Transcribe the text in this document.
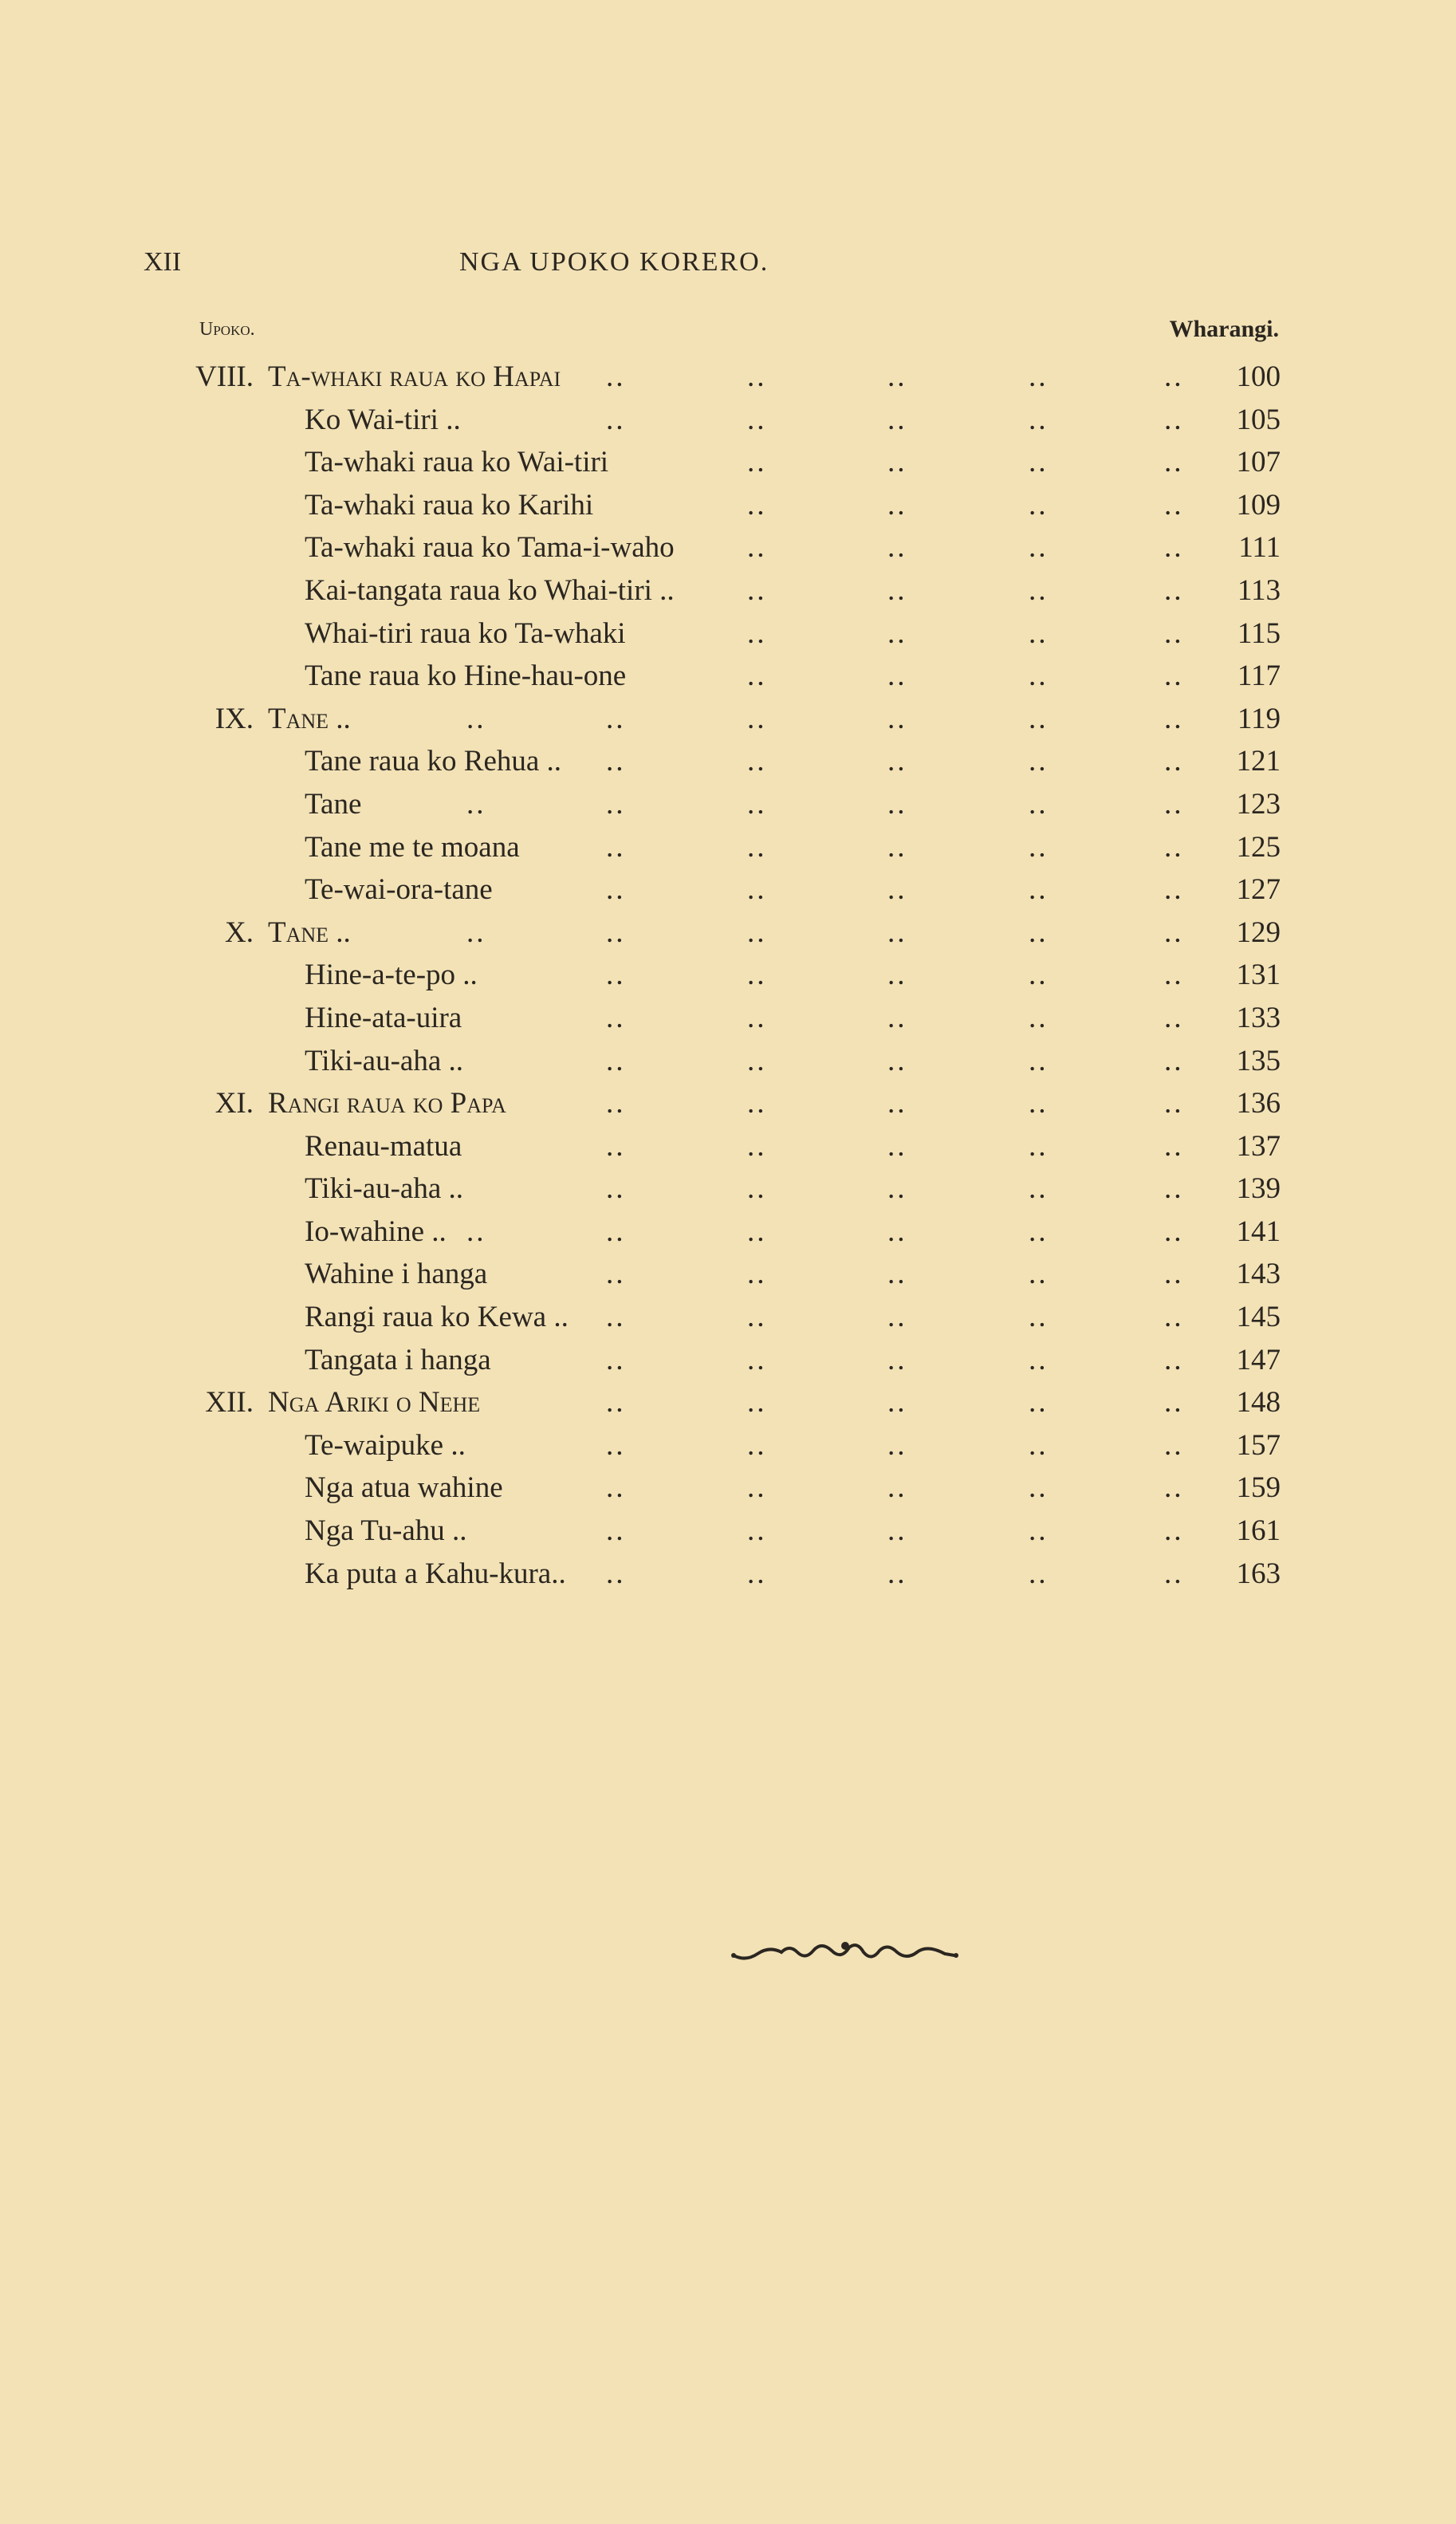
XII	NGA UPOKO KORERO.
Upoko.	Wharangi.
VIII. Ta-whaki raua ko Hapai	100
..	..	..	..	..
Ko Wai-tiri ..	105
..	..	..	..	..
Ta-whaki raua ko Wai-tiri	107
..	..	..	..
Ta-whaki raua ko Karihi	109
..	..	..	..
Ta-whaki raua ko Tama-i-waho	111
..	..	..	..
Kai-tangata raua ko Whai-tiri ..	113
..	..	..	..
Whai-tiri raua ko Ta-whaki	115
..	..	..	..
Tane raua ko Hine-hau-one	117
..	..	..	..
IX. Tane ..	119
..	..	..	..	..	..
Tane raua ko Rehua ..	121
..	..	..	..	..
Tane	123
..	..	..	..	..	..
Tane me te moana	125
..	..	..	..	..
Te-wai-ora-tane	127
..	..	..	..	..
X. Tane ..	129
..	..	..	..	..	..
Hine-a-te-po ..	131
..	..	..	..	..
Hine-ata-uira	133
..	..	..	..	..
Tiki-au-aha ..	135
..	..	..	..	..
XI. Rangi raua ko Papa	136
..	..	..	..	..
Renau-matua	137
..	..	..	..	..
Tiki-au-aha ..	139
..	..	..	..	..
Io-wahine ..	141
..	..	..	..	..	..
Wahine i hanga	143
..	..	..	..	..
Rangi raua ko Kewa ..	145
..	..	..	..	..
Tangata i hanga	147
..	..	..	..	..
XII. Nga Ariki o Nehe	148
..	..	..	..	..
Te-waipuke ..	157
..	..	..	..	..
Nga atua wahine	159
..	..	..	..	..
Nga Tu-ahu ..	161
..	..	..	..	..
Ka puta a Kahu-kura..	163
..	..	..	..	..
